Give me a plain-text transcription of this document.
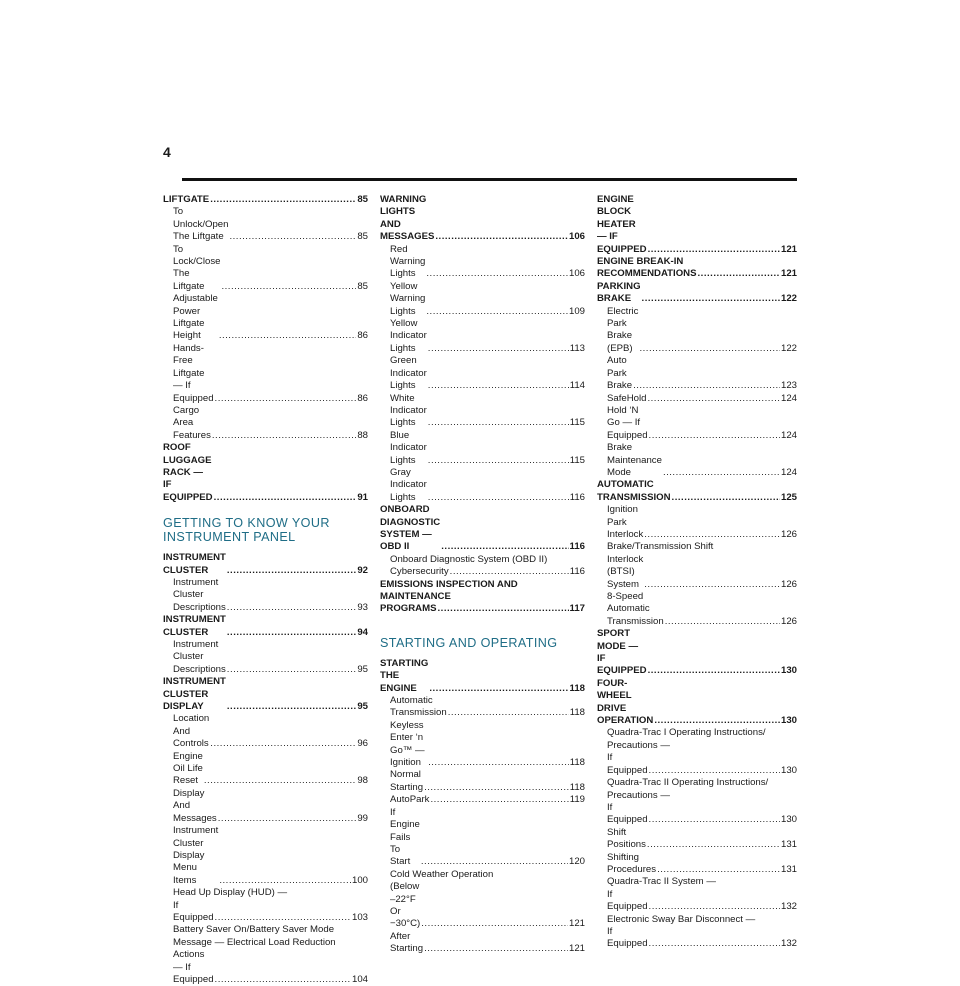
4
LIFTGATE .....	85
To Unlock/Open The Liftgate .....	85
To Lock/Close The Liftgate .....	85
Adjustable Power Liftgate Height .....	86
Hands-Free Liftgate — If Equipped .....	86
Cargo Area Features .....	88
ROOF LUGGAGE RACK — IF EQUIPPED .....	91
GETTING TO KNOW YOUR
INSTRUMENT PANEL
INSTRUMENT CLUSTER .....	92
Instrument Cluster Descriptions .....	93
INSTRUMENT CLUSTER .....	94
Instrument Cluster Descriptions .....	95
INSTRUMENT CLUSTER DISPLAY .....	95
Location And Controls .....	96
Engine Oil Life Reset .....	98
Display And Messages .....	99
Instrument Cluster Display Menu Items .....	100
Head Up Display (HUD) —
If Equipped .....	103
Battery Saver On/Battery Saver Mode
Message — Electrical Load Reduction
Actions — If Equipped .....	104
WARNING LIGHTS AND MESSAGES .....	106
Red Warning Lights .....	106
Yellow Warning Lights .....	109
Yellow Indicator Lights .....	113
Green Indicator Lights .....	114
White Indicator Lights .....	115
Blue Indicator Lights .....	115
Gray Indicator Lights .....	116
ONBOARD DIAGNOSTIC SYSTEM — OBD II .....	116
Onboard Diagnostic System (OBD II)
Cybersecurity .....	116
EMISSIONS INSPECTION AND MAINTENANCE
PROGRAMS .....	117
STARTING AND OPERATING
STARTING THE ENGINE .....	118
Automatic Transmission .....	118
Keyless Enter ‘n Go™ — Ignition .....	118
Normal Starting .....	118
AutoPark .....	119
If Engine Fails To Start .....	120
Cold Weather Operation
(Below –22°F Or −30°C) .....	121
After Starting .....	121
ENGINE BLOCK HEATER — IF EQUIPPED .....	121
ENGINE BREAK-IN RECOMMENDATIONS .....	121
PARKING BRAKE .....	122
Electric Park Brake (EPB) .....	122
Auto Park Brake .....	123
SafeHold .....	124
Hold ‘N Go — If Equipped .....	124
Brake Maintenance Mode .....	124
AUTOMATIC TRANSMISSION .....	125
Ignition Park Interlock .....	126
Brake/Transmission Shift
Interlock (BTSI) System .....	126
8-Speed Automatic Transmission .....	126
SPORT MODE — IF EQUIPPED .....	130
FOUR-WHEEL DRIVE OPERATION .....	130
Quadra-Trac I Operating Instructions/
Precautions —
If Equipped .....	130
Quadra-Trac II Operating Instructions/
Precautions —
If Equipped .....	130
Shift Positions .....	131
Shifting Procedures .....	131
Quadra-Trac II System —
If Equipped .....	132
Electronic Sway Bar Disconnect —
If Equipped .....	132
